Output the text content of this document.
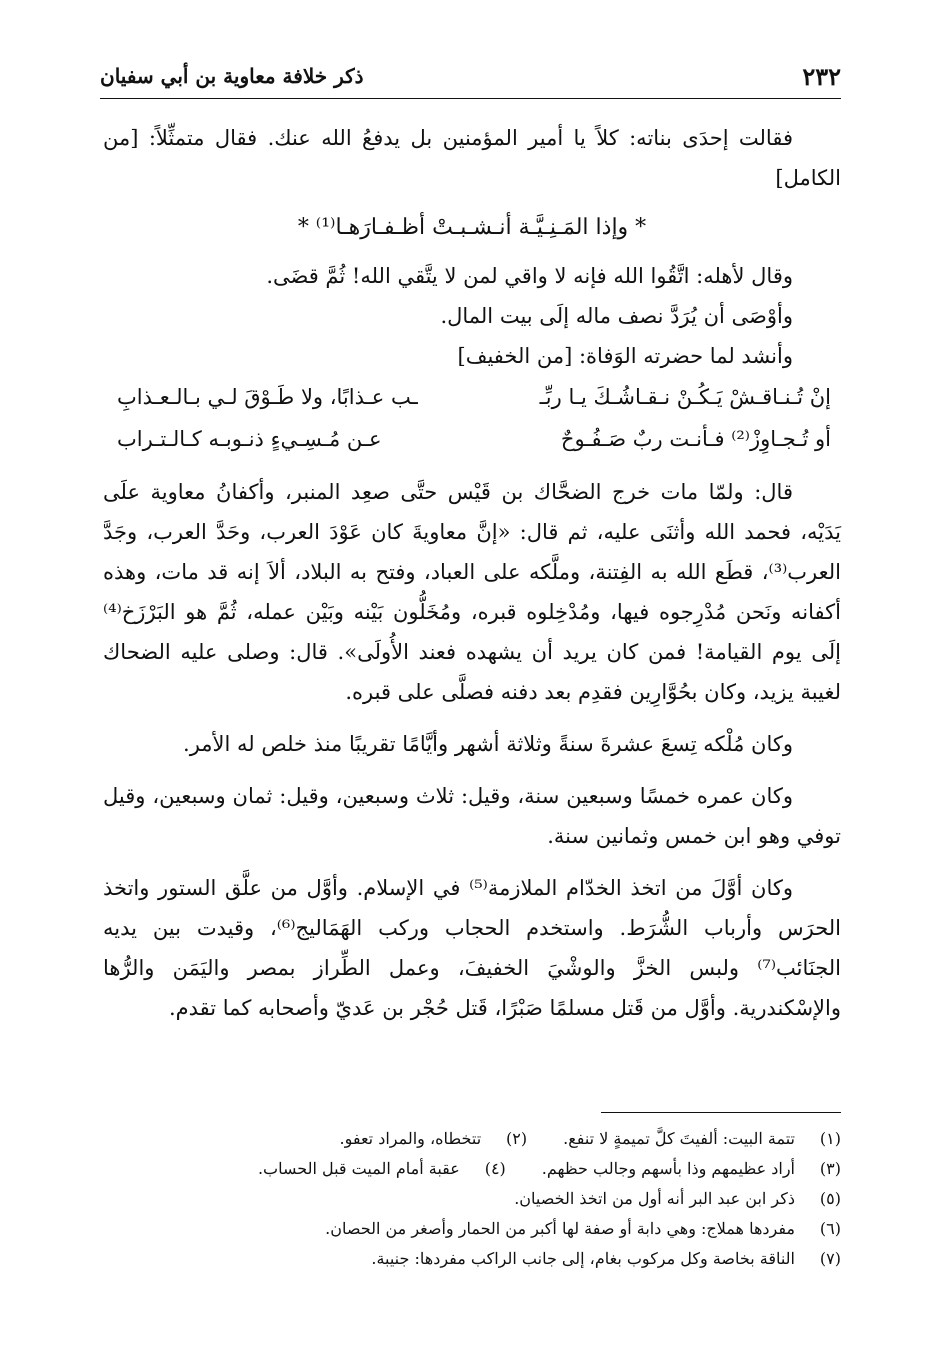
٢٣٢
ذكر خلافة معاوية بن أبي سفيان

فقالت إحدَى بناته: كلاً يا أمير المؤمنين بل يدفعُ الله عنك. فقال متمثِّلاً: [من الكامل]

* وإذا المَـنِـيَّـة أنـشـبـتْ أظـفـارَهـا⁽¹⁾ *

وقال لأهله: اتَّقُوا الله فإنه لا واقي لمن لا يتَّقي الله! ثُمَّ قضَى.

وأوْصَى أن يُرَدَّ نصف ماله إلَى بيت المال.

وأنشد لما حضرته الوَفاة: [من الخفيف]

إنْ تُـنـاقـشْ يَـكُـنْ نـقـاشُـكَ يـا ربِّـ
ـب عـذابًا، ولا طَـوْقَ لـي بـالـعـذابِ
أو تُـجـاوِزْ⁽²⁾ فـأنـت ربٌ صَـفُـوحٌ
عـن مُـسِـيءٍ ذنـوبـه كـالـتـراب

قال: ولمّا مات خرج الضحَّاك بن قَيْس حتَّى صعِد المنبر، وأكفانُ معاوية علَى يَدَيْه، فحمد الله وأثنَى عليه، ثم قال: «إنَّ معاويةَ كان عَوْدَ العرب، وحَدَّ العرب، وجَدَّ العرب⁽³⁾، قطَع الله به الفِتنة، وملَّكه على العباد، وفتح به البلاد، ألاَ إنه قد مات، وهذه أكفانه ونَحن مُدْرِجوه فيها، ومُدْخِلوه قبره، ومُخَلُّون بَيْنه وبَيْن عمله، ثُمَّ هو البَرْزَخ⁽⁴⁾ إلَى يوم القيامة! فمن كان يريد أن يشهده فعند الأُولَى». قال: وصلى عليه الضحاك لغيبة يزيد، وكان بحُوَّارِين فقدِم بعد دفنه فصلَّى على قبره.

وكان مُلْكه تِسعَ عشرةَ سنةً وثلاثة أشهر وأيَّامًا تقريبًا منذ خلص له الأمر.

وكان عمره خمسًا وسبعين سنة، وقيل: ثلاث وسبعين، وقيل: ثمان وسبعين، وقيل توفي وهو ابن خمس وثمانين سنة.

وكان أوَّلَ من اتخذ الخدّام الملازمة⁽⁵⁾ في الإسلام. وأوَّل من علَّق الستور واتخذ الحرَس وأرباب الشُّرَط. واستخدم الحجاب وركب الهَمَاليج⁽⁶⁾، وقيدت بين يديه الجنَائب⁽⁷⁾ ولبس الخزَّ والوشْيَ الخفيفَ، وعمل الطِّراز بمصر واليَمَن والرُّها والإسْكندرية. وأوَّل من قَتل مسلمًا صَبْرًا، قَتل حُجْر بن عَديّ وأصحابه كما تقدم.

(١)
تتمة البيت: ألفيتَ كلَّ تميمةٍ لا تنفع.
(٢)
تتخطاه، والمراد تعفو.
(٣)
أراد عظيمهم وذا بأسهم وجالب حظهم.
(٤)
عقبة أمام الميت قبل الحساب.
(٥)
ذكر ابن عبد البر أنه أول من اتخذ الخصيان.
(٦)
مفردها هملاج: وهي دابة أو صفة لها أكبر من الحمار وأصغر من الحصان.
(٧)
الناقة بخاصة وكل مركوب بغام، إلى جانب الراكب مفردها: جنيبة.
